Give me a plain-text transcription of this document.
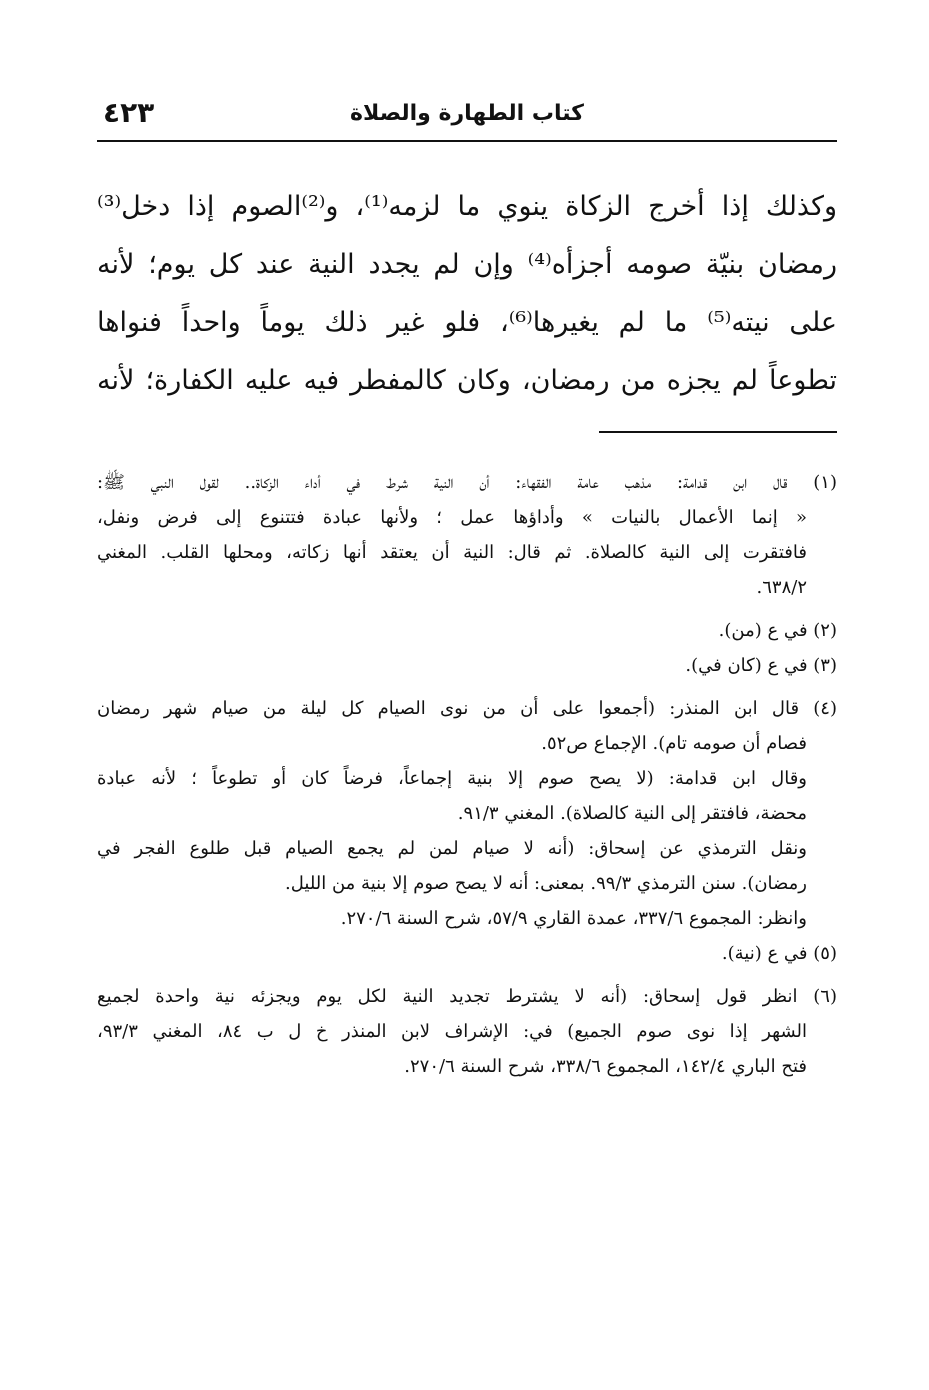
كتاب الطهارة والصلاة
٤٢٣
وكذلك إذا أخرج الزكاة ينوي ما لزمه⁽¹⁾، و⁽²⁾الصوم إذا دخل⁽³⁾
رمضان بنيّة صومه أجزأه⁽⁴⁾ وإن لم يجدد النية عند كل يوم؛ لأنه
على نيته⁽⁵⁾ ما لم يغيرها⁽⁶⁾، فلو غير ذلك يوماً واحداً فنواها
تطوعاً لم يجزه من رمضان، وكان كالمفطر فيه عليه الكفارة؛ لأنه
(١) قال ابن قدامة: مذهب عامة الفقهاء: أن النية شرط في أداء الزكاة.. لقول النبي ﷺ:
« إنما الأعمال بالنيات » وأداؤها عمل ؛ ولأنها عبادة فتتنوع إلى فرض ونفل،
فافتقرت إلى النية كالصلاة. ثم قال: النية أن يعتقد أنها زكاته، ومحلها القلب. المغني
٦٣٨/٢.
(٢) في ع (من).
(٣) في ع (كان في).
(٤) قال ابن المنذر: (أجمعوا على أن من نوى الصيام كل ليلة من صيام شهر رمضان
فصام أن صومه تام). الإجماع ص٥٢.
وقال ابن قدامة: (لا يصح صوم إلا بنية إجماعاً، فرضاً كان أو تطوعاً ؛ لأنه عبادة
محضة، فافتقر إلى النية كالصلاة). المغني ٩١/٣.
ونقل الترمذي عن إسحاق: (أنه لا صيام لمن لم يجمع الصيام قبل طلوع الفجر في
رمضان). سنن الترمذي ٩٩/٣. بمعنى: أنه لا يصح صوم إلا بنية من الليل.
وانظر: المجموع ٣٣٧/٦، عمدة القاري ٥٧/٩، شرح السنة ٢٧٠/٦.
(٥) في ع (نية).
(٦) انظر قول إسحاق: (أنه لا يشترط تجديد النية لكل يوم ويجزئه نية واحدة لجميع
الشهر إذا نوى صوم الجميع) في: الإشراف لابن المنذر خ ل ب ٨٤، المغني ٩٣/٣،
فتح الباري ١٤٢/٤، المجموع ٣٣٨/٦، شرح السنة ٢٧٠/٦.
